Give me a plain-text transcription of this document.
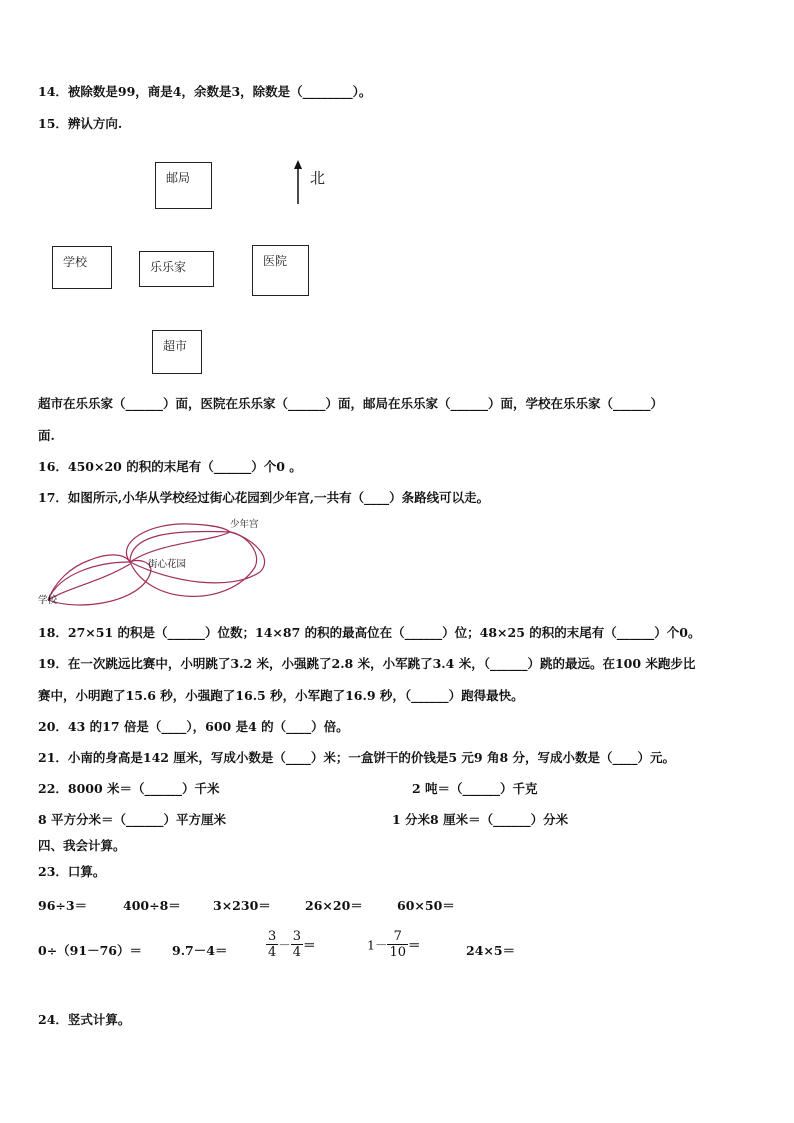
14．被除数是99，商是4，余数是3，除数是（________）。
15．辨认方向.
邮局	北
学校	乐乐家	医院
超市
超市在乐乐家（______）面，医院在乐乐家（______）面，邮局在乐乐家（______）面，学校在乐乐家（______）
面.
16．450×20 的积的末尾有（______）个0 。
17．如图所示,小华从学校经过街心花园到少年宫,一共有（____）条路线可以走。
少年宫
街心花园
学校
18．27×51 的积是（______）位数；14×87 的积的最高位在（______）位；48×25 的积的末尾有（______）个0。
19．在一次跳远比赛中，小明跳了3.2 米，小强跳了2.8 米，小军跳了3.4 米，（______）跳的最远。在100 米跑步比
赛中，小明跑了15.6 秒，小强跑了16.5 秒，小军跑了16.9 秒，（______）跑得最快。
20．43 的17 倍是（____），600 是4 的（____）倍。
21．小南的身高是142 厘米，写成小数是（____）米；一盒饼干的价钱是5 元9 角8 分，写成小数是（____）元。
22．8000 米＝（______）千米	2 吨＝（______）千克
8 平方分米＝（______）平方厘米	1 分米8 厘米＝（______）分米
四、我会计算。
23．口算。
96÷3＝	400÷8＝	3×230＝	26×20＝	60×50＝
0÷（91－76）＝ 9.7－4＝	$\frac{3}{4} - \frac{3}{4}$ ＝	$1- \frac{7}{10}$ ＝	24×5＝
24．竖式计算。
